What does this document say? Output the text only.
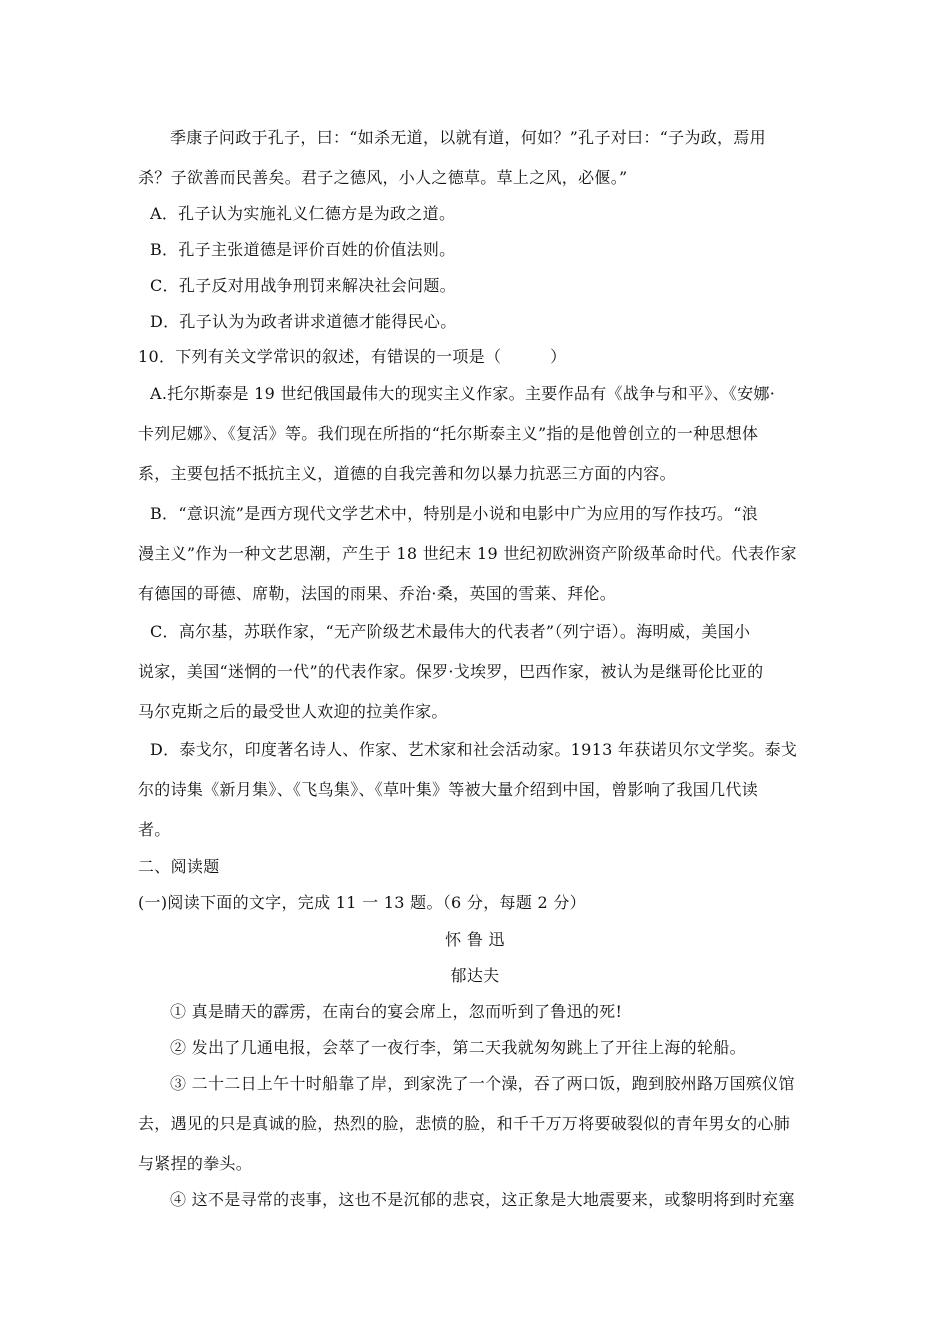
季康子问政于孔子，曰：“如杀无道，以就有道，何如？”孔子对曰：“子为政，焉用
杀？子欲善而民善矣。君子之德风，小人之德草。草上之风，必偃。”
A．孔子认为实施礼义仁德方是为政之道。
B．孔子主张道德是评价百姓的价值法则。
C．孔子反对用战争刑罚来解决社会问题。
D．孔子认为为政者讲求道德才能得民心。
10．下列有关文学常识的叙述，有错误的一项是（　　　）
A.托尔斯泰是 19 世纪俄国最伟大的现实主义作家。主要作品有《战争与和平》、《安娜·
卡列尼娜》、《复活》等。我们现在所指的“托尔斯泰主义”指的是他曾创立的一种思想体
系，主要包括不抵抗主义，道德的自我完善和勿以暴力抗恶三方面的内容。
B．“意识流”是西方现代文学艺术中，特别是小说和电影中广为应用的写作技巧。“浪
漫主义”作为一种文艺思潮，产生于 18 世纪末 19 世纪初欧洲资产阶级革命时代。代表作家
有德国的哥德、席勒，法国的雨果、乔治·桑，英国的雪莱、拜伦。
C．高尔基，苏联作家，“无产阶级艺术最伟大的代表者”（列宁语）。海明威，美国小
说家，美国“迷惘的一代”的代表作家。保罗·戈埃罗，巴西作家，被认为是继哥伦比亚的
马尔克斯之后的最受世人欢迎的拉美作家。
D．泰戈尔，印度著名诗人、作家、艺术家和社会活动家。1913 年获诺贝尔文学奖。泰戈
尔的诗集《新月集》、《飞鸟集》、《草叶集》等被大量介绍到中国，曾影响了我国几代读
者。
二、阅读题
(一)阅读下面的文字，完成 11 一 13 题。（6 分，每题 2 分）
怀 鲁 迅
郁达夫
① 真是睛天的霹雳，在南台的宴会席上，忽而听到了鲁迅的死!
② 发出了几通电报，会萃了一夜行李，第二天我就匆匆跳上了开往上海的轮船。
③ 二十二日上午十时船靠了岸，到家洗了一个澡，吞了两口饭，跑到胶州路万国殡仪馆
去，遇见的只是真诚的脸，热烈的脸，悲愤的脸，和千千万万将要破裂似的青年男女的心肺
与紧捏的拳头。
④ 这不是寻常的丧事，这也不是沉郁的悲哀，这正象是大地震要来，或黎明将到时充塞
